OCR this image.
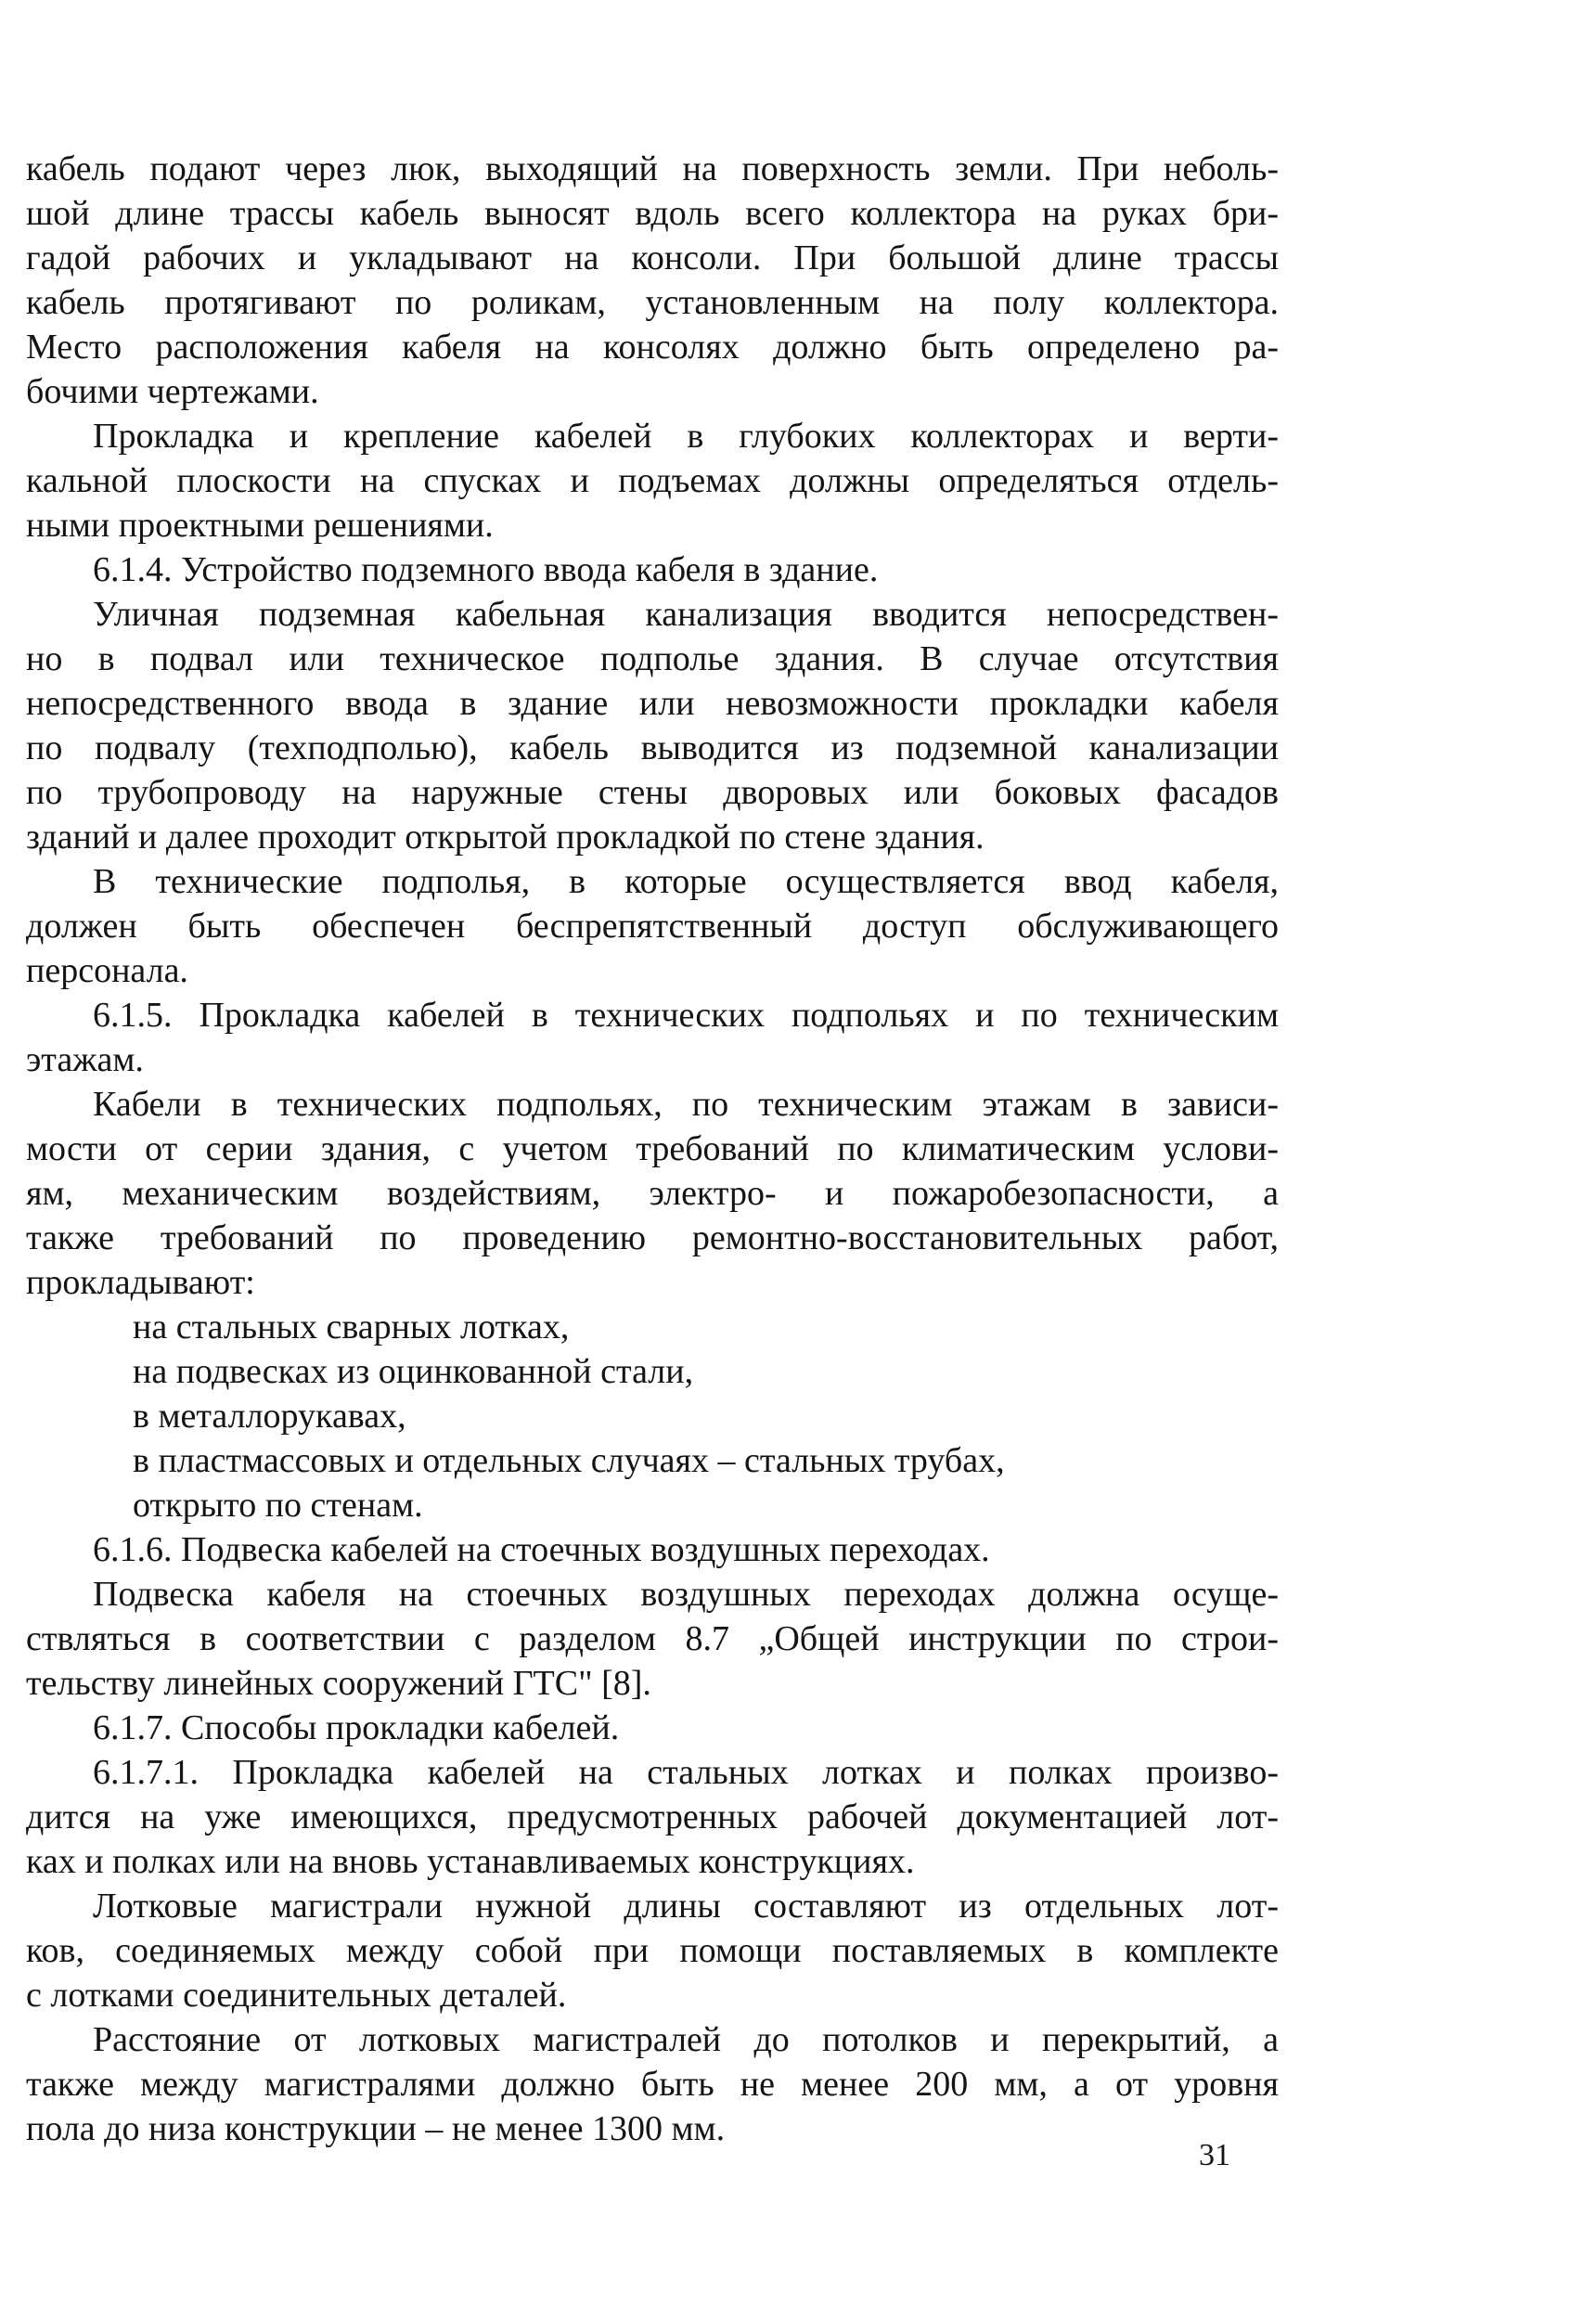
кабель подают через люк, выходящий на поверхность земли. При неболь-
шой длине трассы кабель выносят вдоль всего коллектора на руках бри-
гадой рабочих и укладывают на консоли. При большой длине трассы
кабель протягивают по роликам, установленным на полу коллектора.
Место расположения кабеля на консолях должно быть определено ра-
бочими чертежами.
Прокладка и крепление кабелей в глубоких коллекторах и верти-
кальной плоскости на спусках и подъемах должны определяться отдель-
ными проектными решениями.
6.1.4. Устройство подземного ввода кабеля в здание.
Уличная подземная кабельная канализация вводится непосредствен-
но в подвал или техническое подполье здания. В случае отсутствия
непосредственного ввода в здание или невозможности прокладки кабеля
по подвалу (техподполью), кабель выводится из подземной канализации
по трубопроводу на наружные стены дворовых или боковых фасадов
зданий и далее проходит открытой прокладкой по стене здания.
В технические подполья, в которые осуществляется ввод кабеля,
должен быть обеспечен беспрепятственный доступ обслуживающего
персонала.
6.1.5. Прокладка кабелей в технических подпольях и по техническим
этажам.
Кабели в технических подпольях, по техническим этажам в зависи-
мости от серии здания, с учетом требований по климатическим услови-
ям, механическим воздействиям, электро- и пожаробезопасности, а
также требований по проведению ремонтно-восстановительных работ,
прокладывают:
на стальных сварных лотках,
на подвесках из оцинкованной стали,
в металлорукавах,
в пластмассовых и отдельных случаях – стальных трубах,
открыто по стенам.
6.1.6. Подвеска кабелей на стоечных воздушных переходах.
Подвеска кабеля на стоечных воздушных переходах должна осуще-
ствляться в соответствии с разделом 8.7 „Общей инструкции по строи-
тельству линейных сооружений ГТС" [8].
6.1.7. Способы прокладки кабелей.
6.1.7.1. Прокладка кабелей на стальных лотках и полках произво-
дится на уже имеющихся, предусмотренных рабочей документацией лот-
ках и полках или на вновь устанавливаемых конструкциях.
Лотковые магистрали нужной длины составляют из отдельных лот-
ков, соединяемых между собой при помощи поставляемых в комплекте
с лотками соединительных деталей.
Расстояние от лотковых магистралей до потолков и перекрытий, а
также между магистралями должно быть не менее 200 мм, а от уровня
пола до низа конструкции – не менее 1300 мм.
31
